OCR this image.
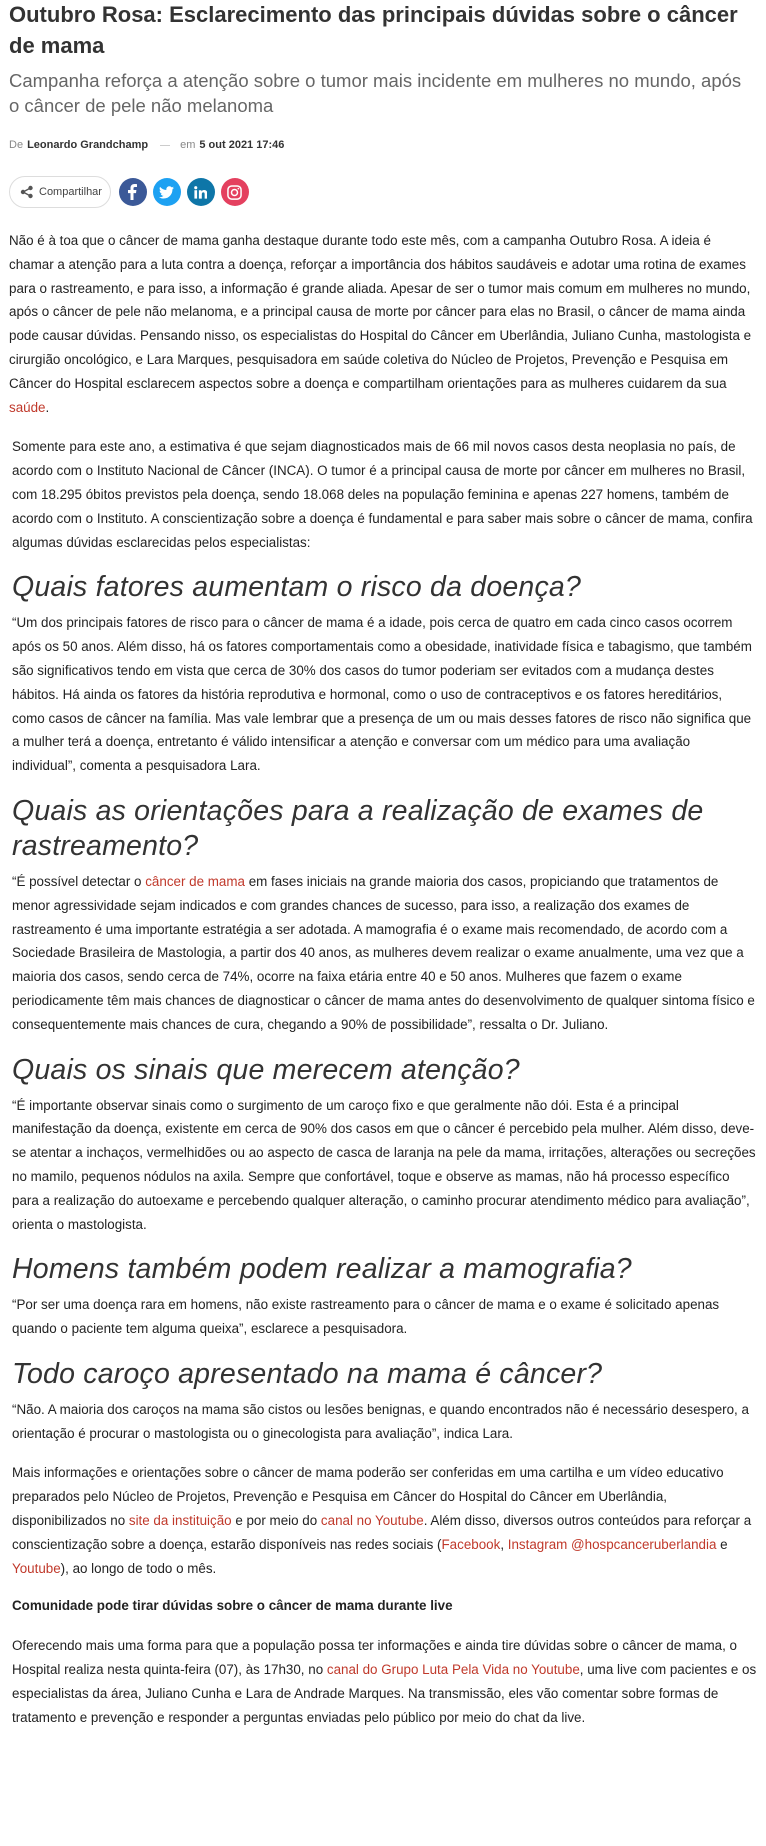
Outubro Rosa: Esclarecimento das principais dúvidas sobre o câncer de mama
Campanha reforça a atenção sobre o tumor mais incidente em mulheres no mundo, após o câncer de pele não melanoma
De Leonardo Grandchamp	em 5 out 2021 17:46
Compartilhar

Não é à toa que o câncer de mama ganha destaque durante todo este mês, com a campanha Outubro Rosa. A ideia é chamar a atenção para a luta contra a doença, reforçar a importância dos hábitos saudáveis e adotar uma rotina de exames para o rastreamento, e para isso, a informação é grande aliada. Apesar de ser o tumor mais comum em mulheres no mundo, após o câncer de pele não melanoma, e a principal causa de morte por câncer para elas no Brasil, o câncer de mama ainda pode causar dúvidas. Pensando nisso, os especialistas do Hospital do Câncer em Uberlândia, Juliano Cunha, mastologista e cirurgião oncológico, e Lara Marques, pesquisadora em saúde coletiva do Núcleo de Projetos, Prevenção e Pesquisa em Câncer do Hospital esclarecem aspectos sobre a doença e compartilham orientações para as mulheres cuidarem da sua saúde.

Somente para este ano, a estimativa é que sejam diagnosticados mais de 66 mil novos casos desta neoplasia no país, de acordo com o Instituto Nacional de Câncer (INCA). O tumor é a principal causa de morte por câncer em mulheres no Brasil, com 18.295 óbitos previstos pela doença, sendo 18.068 deles na população feminina e apenas 227 homens, também de acordo com o Instituto. A conscientização sobre a doença é fundamental e para saber mais sobre o câncer de mama, confira algumas dúvidas esclarecidas pelos especialistas:

Quais fatores aumentam o risco da doença?

“Um dos principais fatores de risco para o câncer de mama é a idade, pois cerca de quatro em cada cinco casos ocorrem após os 50 anos. Além disso, há os fatores comportamentais como a obesidade, inatividade física e tabagismo, que também são significativos tendo em vista que cerca de 30% dos casos do tumor poderiam ser evitados com a mudança destes hábitos. Há ainda os fatores da história reprodutiva e hormonal, como o uso de contraceptivos e os fatores hereditários, como casos de câncer na família. Mas vale lembrar que a presença de um ou mais desses fatores de risco não significa que a mulher terá a doença, entretanto é válido intensificar a atenção e conversar com um médico para uma avaliação individual”, comenta a pesquisadora Lara.

Quais as orientações para a realização de exames de rastreamento?

“É possível detectar o câncer de mama em fases iniciais na grande maioria dos casos, propiciando que tratamentos de menor agressividade sejam indicados e com grandes chances de sucesso, para isso, a realização dos exames de rastreamento é uma importante estratégia a ser adotada. A mamografia é o exame mais recomendado, de acordo com a Sociedade Brasileira de Mastologia, a partir dos 40 anos, as mulheres devem realizar o exame anualmente, uma vez que a maioria dos casos, sendo cerca de 74%, ocorre na faixa etária entre 40 e 50 anos. Mulheres que fazem o exame periodicamente têm mais chances de diagnosticar o câncer de mama antes do desenvolvimento de qualquer sintoma físico e consequentemente mais chances de cura, chegando a 90% de possibilidade”, ressalta o Dr. Juliano.

Quais os sinais que merecem atenção?

“É importante observar sinais como o surgimento de um caroço fixo e que geralmente não dói. Esta é a principal manifestação da doença, existente em cerca de 90% dos casos em que o câncer é percebido pela mulher. Além disso, deve-se atentar a inchaços, vermelhidões ou ao aspecto de casca de laranja na pele da mama, irritações, alterações ou secreções no mamilo, pequenos nódulos na axila. Sempre que confortável, toque e observe as mamas, não há processo específico para a realização do autoexame e percebendo qualquer alteração, o caminho procurar atendimento médico para avaliação”, orienta o mastologista.

Homens também podem realizar a mamografia?

“Por ser uma doença rara em homens, não existe rastreamento para o câncer de mama e o exame é solicitado apenas quando o paciente tem alguma queixa”, esclarece a pesquisadora.

Todo caroço apresentado na mama é câncer?

“Não. A maioria dos caroços na mama são cistos ou lesões benignas, e quando encontrados não é necessário desespero, a orientação é procurar o mastologista ou o ginecologista para avaliação”, indica Lara.

Mais informações e orientações sobre o câncer de mama poderão ser conferidas em uma cartilha e um vídeo educativo preparados pelo Núcleo de Projetos, Prevenção e Pesquisa em Câncer do Hospital do Câncer em Uberlândia, disponibilizados no site da instituição e por meio do canal no Youtube. Além disso, diversos outros conteúdos para reforçar a conscientização sobre a doença, estarão disponíveis nas redes sociais (Facebook, Instagram @hospcanceruberlandia e Youtube), ao longo de todo o mês.

Comunidade pode tirar dúvidas sobre o câncer de mama durante live

Oferecendo mais uma forma para que a população possa ter informações e ainda tire dúvidas sobre o câncer de mama, o Hospital realiza nesta quinta-feira (07), às 17h30, no canal do Grupo Luta Pela Vida no Youtube, uma live com pacientes e os especialistas da área, Juliano Cunha e Lara de Andrade Marques. Na transmissão, eles vão comentar sobre formas de tratamento e prevenção e responder a perguntas enviadas pelo público por meio do chat da live.
